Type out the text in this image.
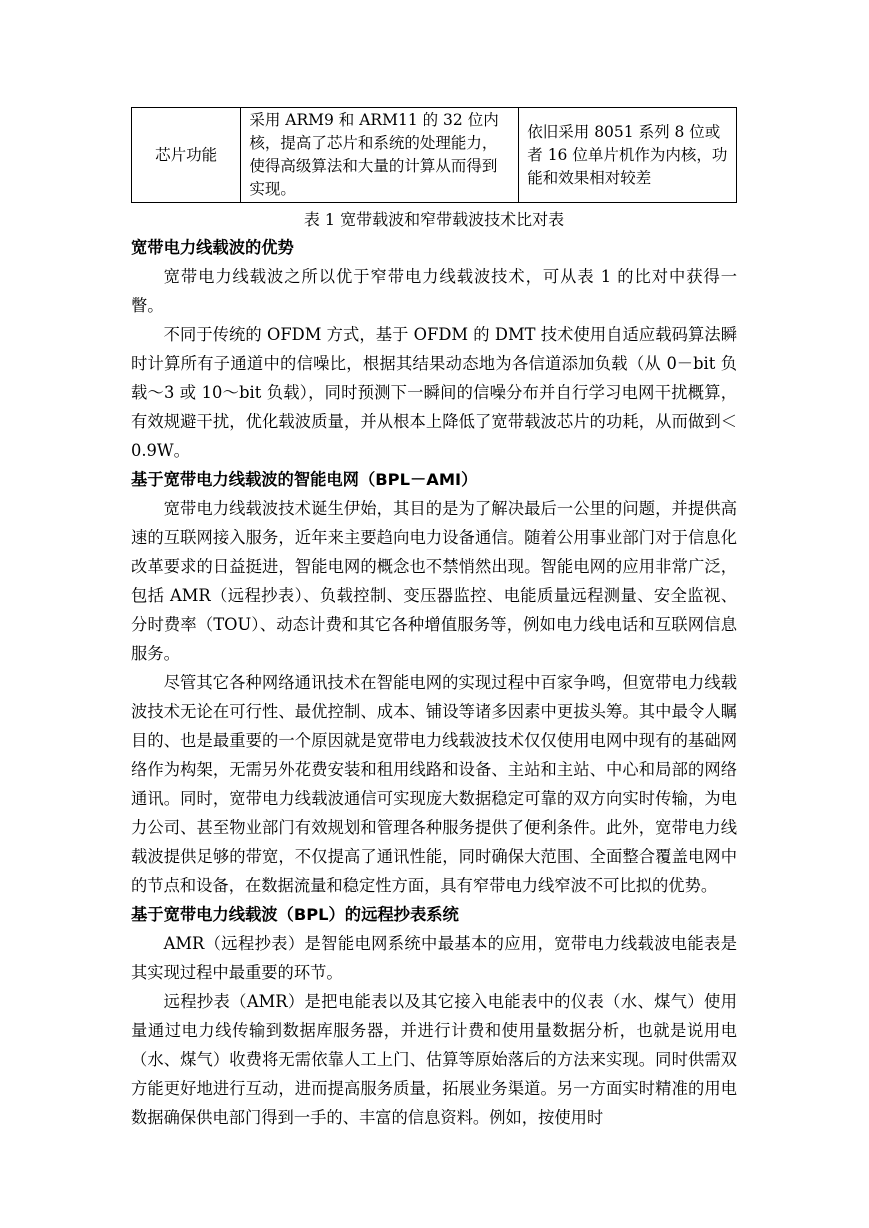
芯片功能	采用 ARM9 和 ARM11 的 32 位内核，提高了芯片和系统的处理能力，使得高级算法和大量的计算从而得到实现。	依旧采用 8051 系列 8 位或者 16 位单片机作为内核，功能和效果相对较差
表 1 宽带载波和窄带载波技术比对表
宽带电力线载波的优势

宽带电力线载波之所以优于窄带电力线载波技术，可从表 1 的比对中获得一瞥。

不同于传统的 OFDM 方式，基于 OFDM 的 DMT 技术使用自适应载码算法瞬时计算所有子通道中的信噪比，根据其结果动态地为各信道添加负载（从 0－bit 负载～3 或 10～bit 负载），同时预测下一瞬间的信噪分布并自行学习电网干扰概算，有效规避干扰，优化载波质量，并从根本上降低了宽带载波芯片的功耗，从而做到＜0.9W。

基于宽带电力线载波的智能电网（BPL－AMI）

宽带电力线载波技术诞生伊始，其目的是为了解决最后一公里的问题，并提供高速的互联网接入服务，近年来主要趋向电力设备通信。随着公用事业部门对于信息化改革要求的日益挺进，智能电网的概念也不禁悄然出现。智能电网的应用非常广泛，包括 AMR（远程抄表）、负载控制、变压器监控、电能质量远程测量、安全监视、分时费率（TOU）、动态计费和其它各种增值服务等，例如电力线电话和互联网信息服务。

尽管其它各种网络通讯技术在智能电网的实现过程中百家争鸣，但宽带电力线载波技术无论在可行性、最优控制、成本、铺设等诸多因素中更拔头筹。其中最令人瞩目的、也是最重要的一个原因就是宽带电力线载波技术仅仅使用电网中现有的基础网络作为构架，无需另外花费安装和租用线路和设备、主站和主站、中心和局部的网络通讯。同时，宽带电力线载波通信可实现庞大数据稳定可靠的双方向实时传输，为电力公司、甚至物业部门有效规划和管理各种服务提供了便利条件。此外，宽带电力线载波提供足够的带宽，不仅提高了通讯性能，同时确保大范围、全面整合覆盖电网中的节点和设备，在数据流量和稳定性方面，具有窄带电力线窄波不可比拟的优势。

基于宽带电力线载波（BPL）的远程抄表系统

AMR（远程抄表）是智能电网系统中最基本的应用，宽带电力线载波电能表是其实现过程中最重要的环节。

远程抄表（AMR）是把电能表以及其它接入电能表中的仪表（水、煤气）使用量通过电力线传输到数据库服务器，并进行计费和使用量数据分析，也就是说用电（水、煤气）收费将无需依靠人工上门、估算等原始落后的方法来实现。同时供需双方能更好地进行互动，进而提高服务质量，拓展业务渠道。另一方面实时精准的用电数据确保供电部门得到一手的、丰富的信息资料。例如，按使用时
